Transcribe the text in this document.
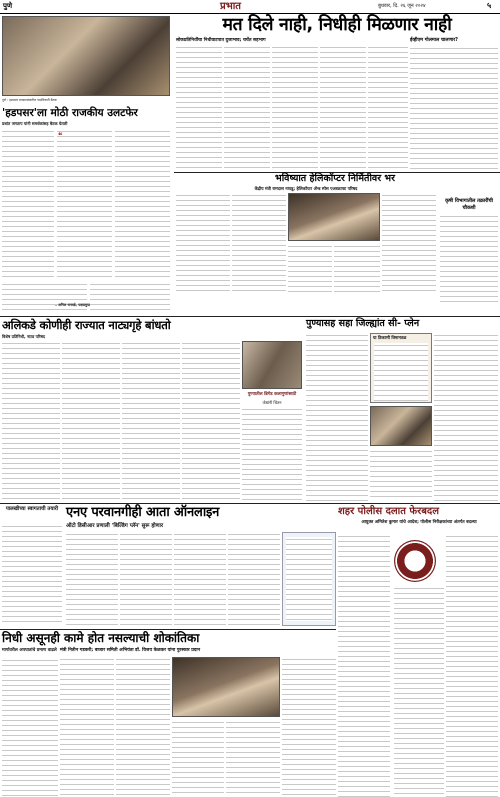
पुणे	प्रभात	बुधवार, दि. २६ जून २०२४	५
पुणे : हडपसर मतदारसंघातील पदाधिकारी बैठक
'हडपसर'ला मोठी राजकीय उलटफेर
प्रशांत जगताप यांनी समर्थकांसह बैठक घेतली
❝
मत दिले नाही, निधीही मिळणार नाही
लोकप्रतिनिधींचा निधीवाटपात दुजाभाव; चर्चेत सहभाग	ईव्हीएम गोलमाल चालणार?
भविष्यात हेलिकॉप्टर निर्मितीवर भर
केंद्रीय मंत्री रामदास नायडू; हेलिकॉप्टर ॲन्ड स्पेस एअरक्राफ्ट परिषद
कृषी विभागातील तक्रारींची चौकशी
– अनिल धनवडे, पक्षप्रमुख
अलिकडे कोणीही राज्यात नाट्यगृहे बांधतो
विशेष प्रतिनिधी, नाट्य परिषद
पुण्यातील ब्रिगेड कलागुणांसाठी
जेष्ठांनी चिंतन
पुण्यासह सहा जिल्ह्यांत सी- प्लेन
या ठिकाणी विमानतळ
पालखीच्या स्वागताची तयारी एनए परवानगीही आता ऑनलाइन
ऑटो डिसीआर प्रणाली 'बिल्डिंग प्लॅन' सुरू होणार
शहर पोलीस दलात फेरबदल
आयुक्त अमितेश कुमार यांचे आदेश; पोलीस निरीक्षकांच्या अंतर्गत बदल्या
निधी असूनही कामे होत नसल्याची शोकांतिका
मंत्री नितीन गडकरी; बाजार समिती अभियंता डॉ. विजय केळकर यांना पुरस्कार प्रदान
मार्गावरील अपघातांचे प्रमाण वाढले
